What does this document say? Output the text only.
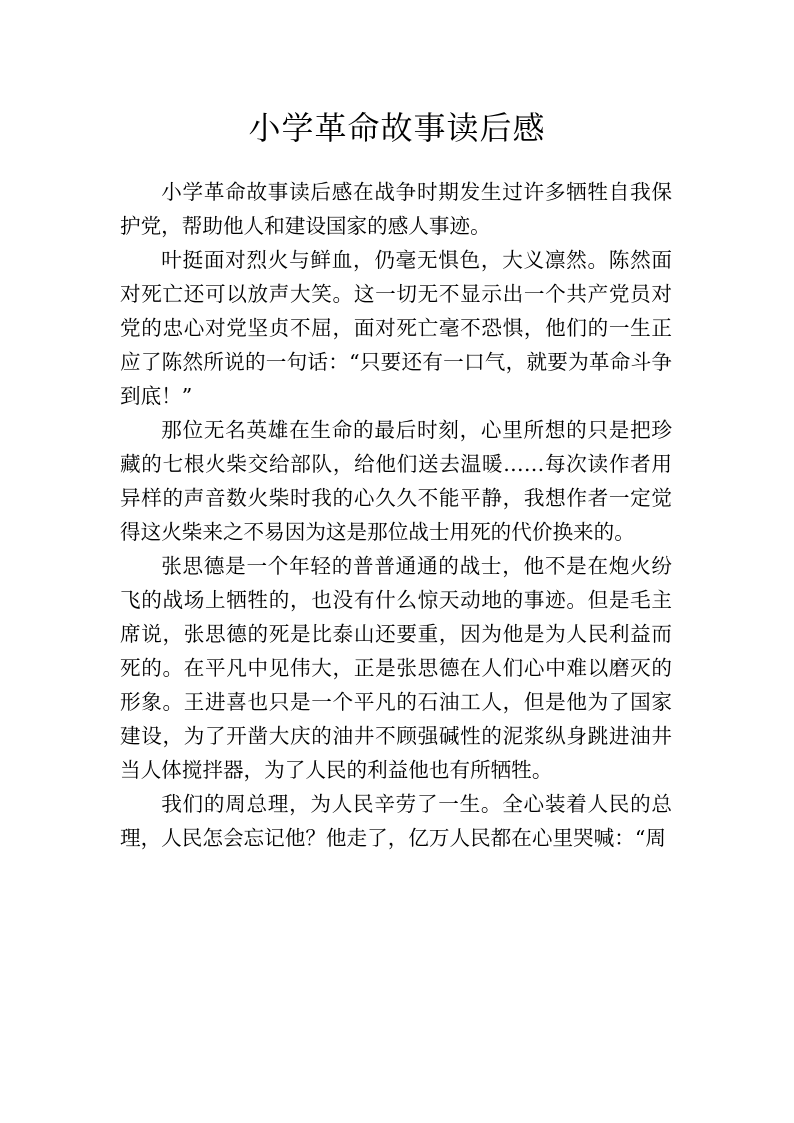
小学革命故事读后感

小学革命故事读后感在战争时期发生过许多牺牲自我保护党，帮助他人和建设国家的感人事迹。

叶挺面对烈火与鲜血，仍毫无惧色，大义凛然。陈然面对死亡还可以放声大笑。这一切无不显示出一个共产党员对党的忠心对党坚贞不屈，面对死亡毫不恐惧，他们的一生正应了陈然所说的一句话：“只要还有一口气，就要为革命斗争到底！”

那位无名英雄在生命的最后时刻，心里所想的只是把珍藏的七根火柴交给部队，给他们送去温暖……每次读作者用异样的声音数火柴时我的心久久不能平静，我想作者一定觉得这火柴来之不易因为这是那位战士用死的代价换来的。

张思德是一个年轻的普普通通的战士，他不是在炮火纷飞的战场上牺牲的，也没有什么惊天动地的事迹。但是毛主席说，张思德的死是比泰山还要重，因为他是为人民利益而死的。在平凡中见伟大，正是张思德在人们心中难以磨灭的形象。王进喜也只是一个平凡的石油工人，但是他为了国家建设，为了开凿大庆的油井不顾强碱性的泥浆纵身跳进油井当人体搅拌器，为了人民的利益他也有所牺牲。

我们的周总理，为人民辛劳了一生。全心装着人民的总理，人民怎会忘记他？他走了，亿万人民都在心里哭喊：“周
